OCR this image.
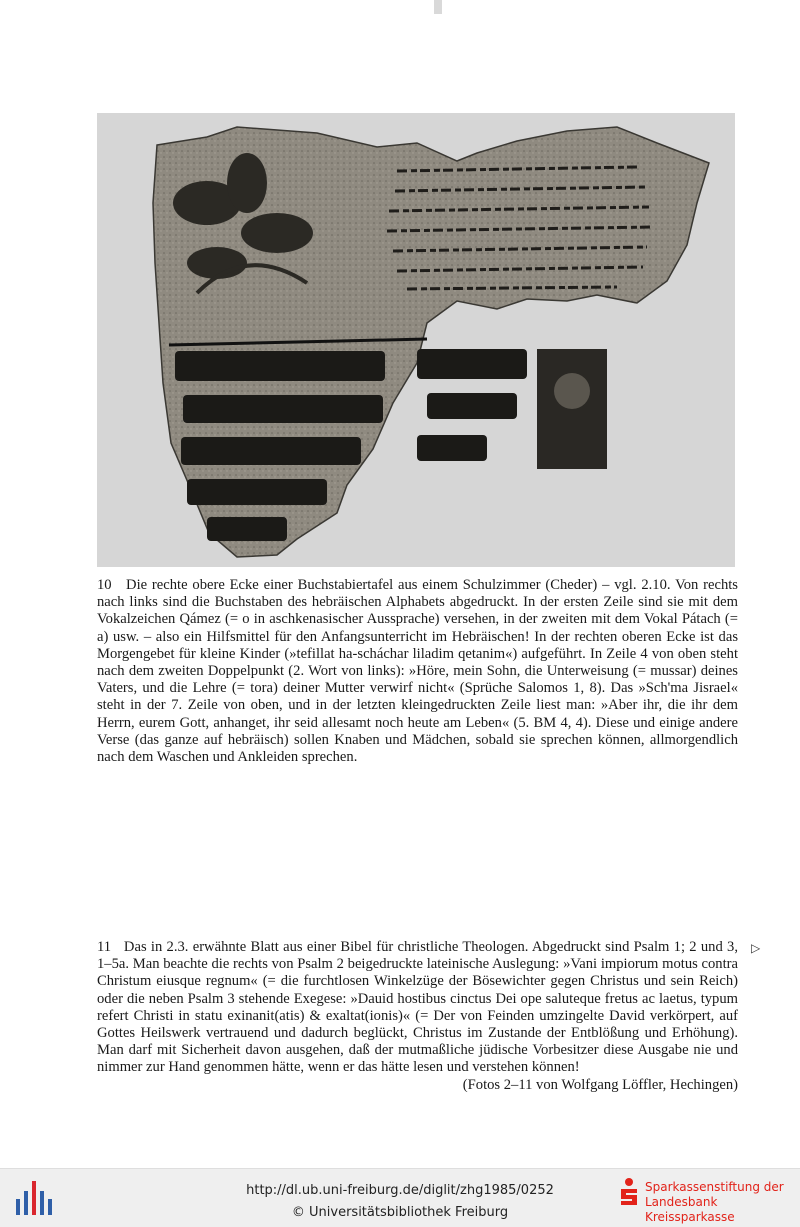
10 Die rechte obere Ecke einer Buchstabiertafel aus einem Schulzimmer (Cheder) – vgl. 2.10. Von rechts nach links sind die Buchstaben des hebräischen Alphabets abgedruckt. In der ersten Zeile sind sie mit dem Vokalzeichen Qámez (= o in aschkenasischer Aussprache) versehen, in der zweiten mit dem Vokal Pátach (= a) usw. – also ein Hilfsmittel für den Anfangsunterricht im Hebräischen! In der rechten oberen Ecke ist das Morgengebet für kleine Kinder (»tefillat ha-scháchar liladim qetanim«) aufgeführt. In Zeile 4 von oben steht nach dem zweiten Doppelpunkt (2. Wort von links): »Höre, mein Sohn, die Unterweisung (= mussar) deines Vaters, und die Lehre (= tora) deiner Mutter verwirf nicht« (Sprüche Salomos 1, 8). Das »Sch'ma Jisrael« steht in der 7. Zeile von oben, und in der letzten kleingedruckten Zeile liest man: »Aber ihr, die ihr dem Herrn, eurem Gott, anhanget, ihr seid allesamt noch heute am Leben« (5. BM 4, 4). Diese und einige andere Verse (das ganze auf hebräisch) sollen Knaben und Mädchen, sobald sie sprechen können, allmorgendlich nach dem Waschen und Ankleiden sprechen.

11 Das in 2.3. erwähnte Blatt aus einer Bibel für christliche Theologen. Abgedruckt sind Psalm 1; 2 und 3, 1–5a. Man beachte die rechts von Psalm 2 beigedruckte lateinische Auslegung: »Vani impiorum motus contra Christum eiusque regnum« (= die furchtlosen Winkelzüge der Bösewichter gegen Christus und sein Reich) oder die neben Psalm 3 stehende Exegese: »Dauid hostibus cinctus Dei ope saluteque fretus ac laetus, typum refert Christi in statu exinanit(atis) & exaltat(ionis)« (= Der von Feinden umzingelte David verkörpert, auf Gottes Heilswerk vertrauend und dadurch beglückt, Christus im Zustande der Entblößung und Erhöhung). Man darf mit Sicherheit davon ausgehen, daß der mutmaßliche jüdische Vorbesitzer diese Ausgabe nie und nimmer zur Hand genommen hätte, wenn er das hätte lesen und verstehen können!

(Fotos 2–11 von Wolfgang Löffler, Hechingen)
▷
http://dl.ub.uni-freiburg.de/diglit/zhg1985/0252
© Universitätsbibliothek Freiburg
Sparkassenstiftung der
Landesbank Kreissparkasse
